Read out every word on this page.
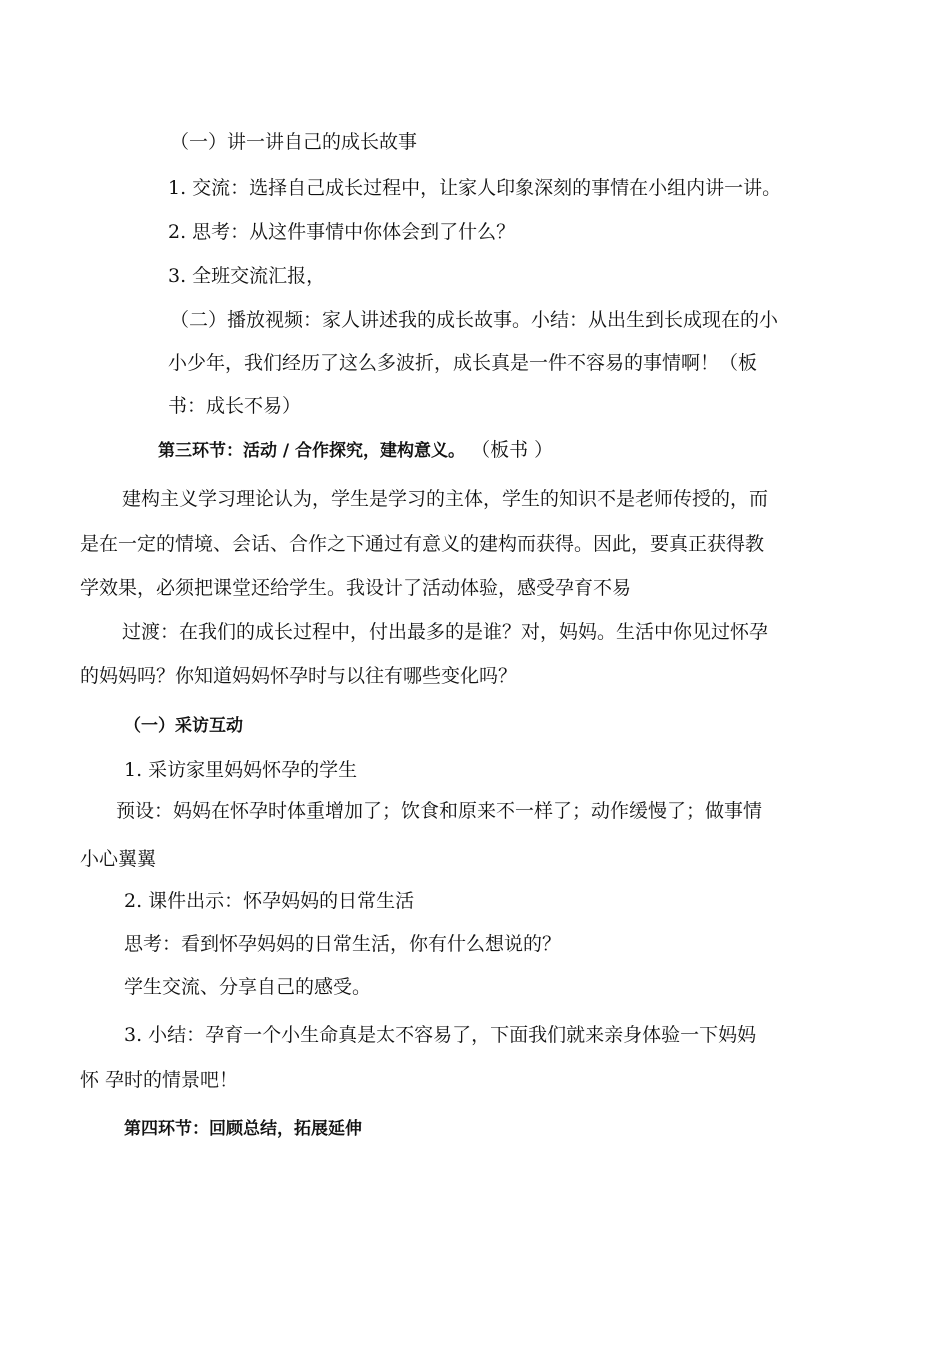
（一）讲一讲自己的成长故事
1. 交流：选择自己成长过程中，让家人印象深刻的事情在小组内讲一讲。
2. 思考：从这件事情中你体会到了什么？
3. 全班交流汇报，
（二）播放视频：家人讲述我的成长故事。小结：从出生到长成现在的小
小少年，我们经历了这么多波折，成长真是一件不容易的事情啊！（板
书：成长不易）
第三环节：活动 / 合作探究，建构意义。 （板书 ）
建构主义学习理论认为，学生是学习的主体，学生的知识不是老师传授的，而
是在一定的情境、会话、合作之下通过有意义的建构而获得。因此，要真正获得教
学效果，必须把课堂还给学生。我设计了活动体验，感受孕育不易
过渡：在我们的成长过程中，付出最多的是谁？对，妈妈。生活中你见过怀孕
的妈妈吗？你知道妈妈怀孕时与以往有哪些变化吗？
（一）采访互动
1. 采访家里妈妈怀孕的学生
预设：妈妈在怀孕时体重增加了；饮食和原来不一样了；动作缓慢了；做事情
小心翼翼
2. 课件出示：怀孕妈妈的日常生活
思考：看到怀孕妈妈的日常生活，你有什么想说的？
学生交流、分享自己的感受。
3. 小结：孕育一个小生命真是太不容易了，下面我们就来亲身体验一下妈妈
怀 孕时的情景吧！
第四环节：回顾总结，拓展延伸
